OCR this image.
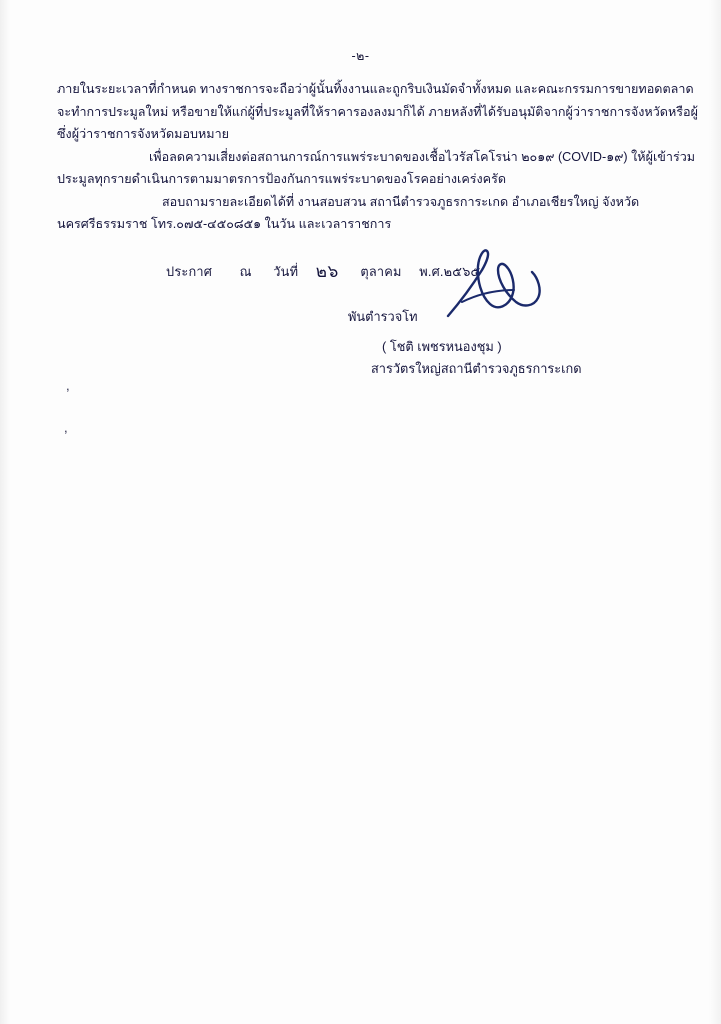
-๒-

ภายในระยะเวลาที่กำหนด ทางราชการจะถือว่าผู้นั้นทิ้งงานและถูกริบเงินมัดจำทั้งหมด และคณะกรรมการขายทอดตลาด
จะทำการประมูลใหม่ หรือขายให้แก่ผู้ที่ประมูลที่ให้ราคารองลงมาก็ได้ ภายหลังที่ได้รับอนุมัติจากผู้ว่าราชการจังหวัดหรือผู้
ซึ่งผู้ว่าราชการจังหวัดมอบหมาย

เพื่อลดความเสี่ยงต่อสถานการณ์การแพร่ระบาดของเชื้อไวรัสโคโรน่า ๒๐๑๙ (COVID-๑๙) ให้ผู้เข้าร่วม
ประมูลทุกรายดำเนินการตามมาตรการป้องกันการแพร่ระบาดของโรคอย่างเคร่งครัด

สอบถามรายละเอียดได้ที่ งานสอบสวน สถานีตำรวจภูธรการะเกด อำเภอเชียรใหญ่ จังหวัด
นครศรีธรรมราช โทร.๐๗๕-๔๕๐๘๕๑ ในวัน และเวลาราชการ

ประกาศ ณ วันที่ ๒๖ ตุลาคม พ.ศ.๒๕๖๕
พันตำรวจโท
( โชติ เพชรหนองชุม )
สารวัตรใหญ่สถานีตำรวจภูธรการะเกด
,
,
